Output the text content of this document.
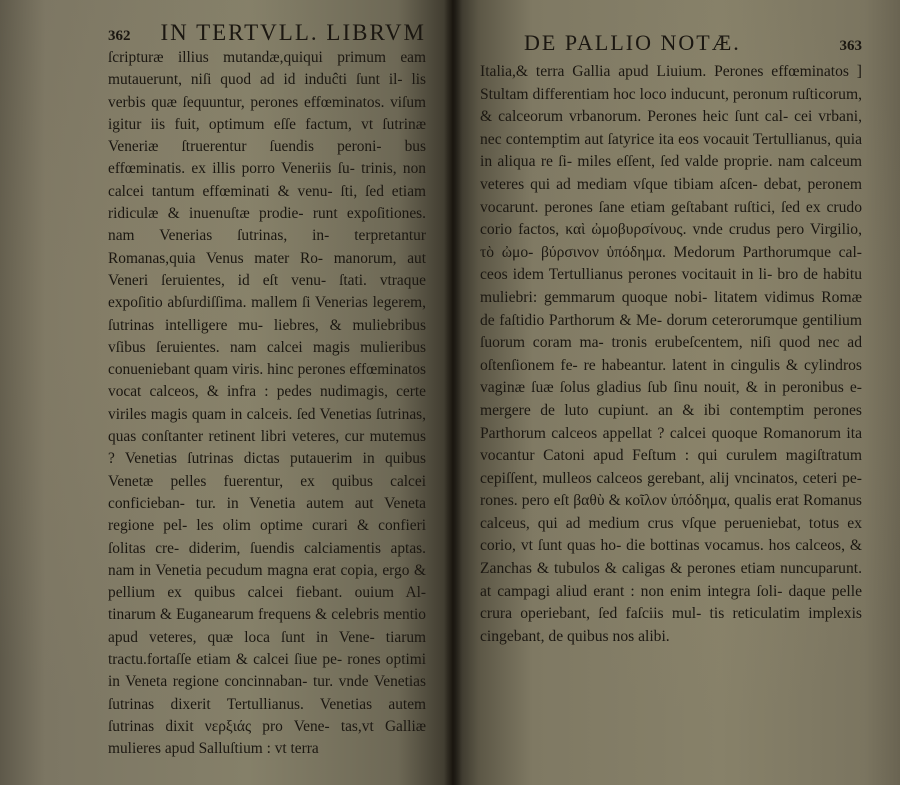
362 IN TERTVLL. LIBRVM
ſcripturæ illius mutandæ,quiqui primum eam mutauerunt, niſi quod ad id induĉti ſunt il- lis verbis quæ ſequuntur, perones effœminatos. viſum igitur iis fuit, optimum eſſe factum, vt ſutrinæ Veneriæ ſtruerentur ſuendis peroni- bus effœminatis. ex illis porro Veneriis ſu- trinis, non calcei tantum effœminati & venu- ſti, ſed etiam ridiculæ & inuenuſtæ prodie- runt expoſitiones. nam Venerias ſutrinas, in- terpretantur Romanas,quia Venus mater Ro- manorum, aut Veneri ſeruientes, id eſt venu- ſtati. vtraque expoſitio abſurdiſſima. mallem ſi Venerias legerem, ſutrinas intelligere mu- liebres, & muliebribus vſibus ſeruientes. nam calcei magis mulieribus conueniebant quam viris. hinc perones effœminatos vocat calceos, & infra : pedes nudimagis, certe viriles magis quam in calceis. ſed Venetias ſutrinas, quas conſtanter retinent libri veteres, cur mutemus ? Venetias ſutrinas dictas putauerim in quibus Venetæ pelles fuerentur, ex quibus calcei conficieban- tur. in Venetia autem aut Veneta regione pel- les olim optime curari & confieri ſolitas cre- diderim, ſuendis calciamentis aptas. nam in Venetia pecudum magna erat copia, ergo & pellium ex quibus calcei fiebant. ouium Al- tinarum & Euganearum frequens & celebris mentio apud veteres, quæ loca ſunt in Vene- tiarum tractu.fortaſſe etiam & calcei ſiue pe- rones optimi in Veneta regione concinnaban- tur. vnde Venetias ſutrinas dixerit Tertullianus. Venetias autem ſutrinas dixit νερξιάς pro Vene- tas,vt Galliæ mulieres apud Salluſtium : vt terra
DE PALLIO NOTÆ.	363
Italia,& terra Gallia apud Liuium. Perones effœminatos ] Stultam differentiam hoc loco inducunt, peronum ruſticorum, & calceorum vrbanorum. Perones heic ſunt cal- cei vrbani, nec contemptim aut ſatyrice ita eos vocauit Tertullianus, quia in aliqua re ſi- miles eſſent, ſed valde proprie. nam calceum veteres qui ad mediam vſque tibiam aſcen- debat, peronem vocarunt. perones ſane etiam geſtabant ruſtici, ſed ex crudo corio factos, καὶ ὠμοβυρσίνους. vnde crudus pero Virgilio, τὸ ὠμο- βύρσινον ὑπόδημα. Medorum Parthorumque cal- ceos idem Tertullianus perones vocitauit in li- bro de habitu muliebri: gemmarum quoque nobi- litatem vidimus Romæ de faſtidio Parthorum & Me- dorum ceterorumque gentilium ſuorum coram ma- tronis erubeſcentem, niſi quod nec ad oſtenſionem fe- re habeantur. latent in cingulis & cylindros vaginæ ſuæ ſolus gladius ſub ſinu nouit, & in peronibus e- mergere de luto cupiunt. an & ibi contemptim perones Parthorum calceos appellat ? calcei quoque Romanorum ita vocantur Catoni apud Feſtum : qui curulem magiſtratum cepiſſent, mulleos calceos gerebant, alij vncinatos, ceteri pe- rones. pero eſt βαθὺ & κοῖλον ὑπόδημα, qualis erat Romanus calceus, qui ad medium crus vſque perueniebat, totus ex corio, vt ſunt quas ho- die bottinas vocamus. hos calceos, & Zanchas & tubulos & caligas & perones etiam nuncuparunt. at campagi aliud erant : non enim integra ſoli- daque pelle crura operiebant, ſed faſciis mul- tis reticulatim implexis cingebant, de quibus nos alibi.
